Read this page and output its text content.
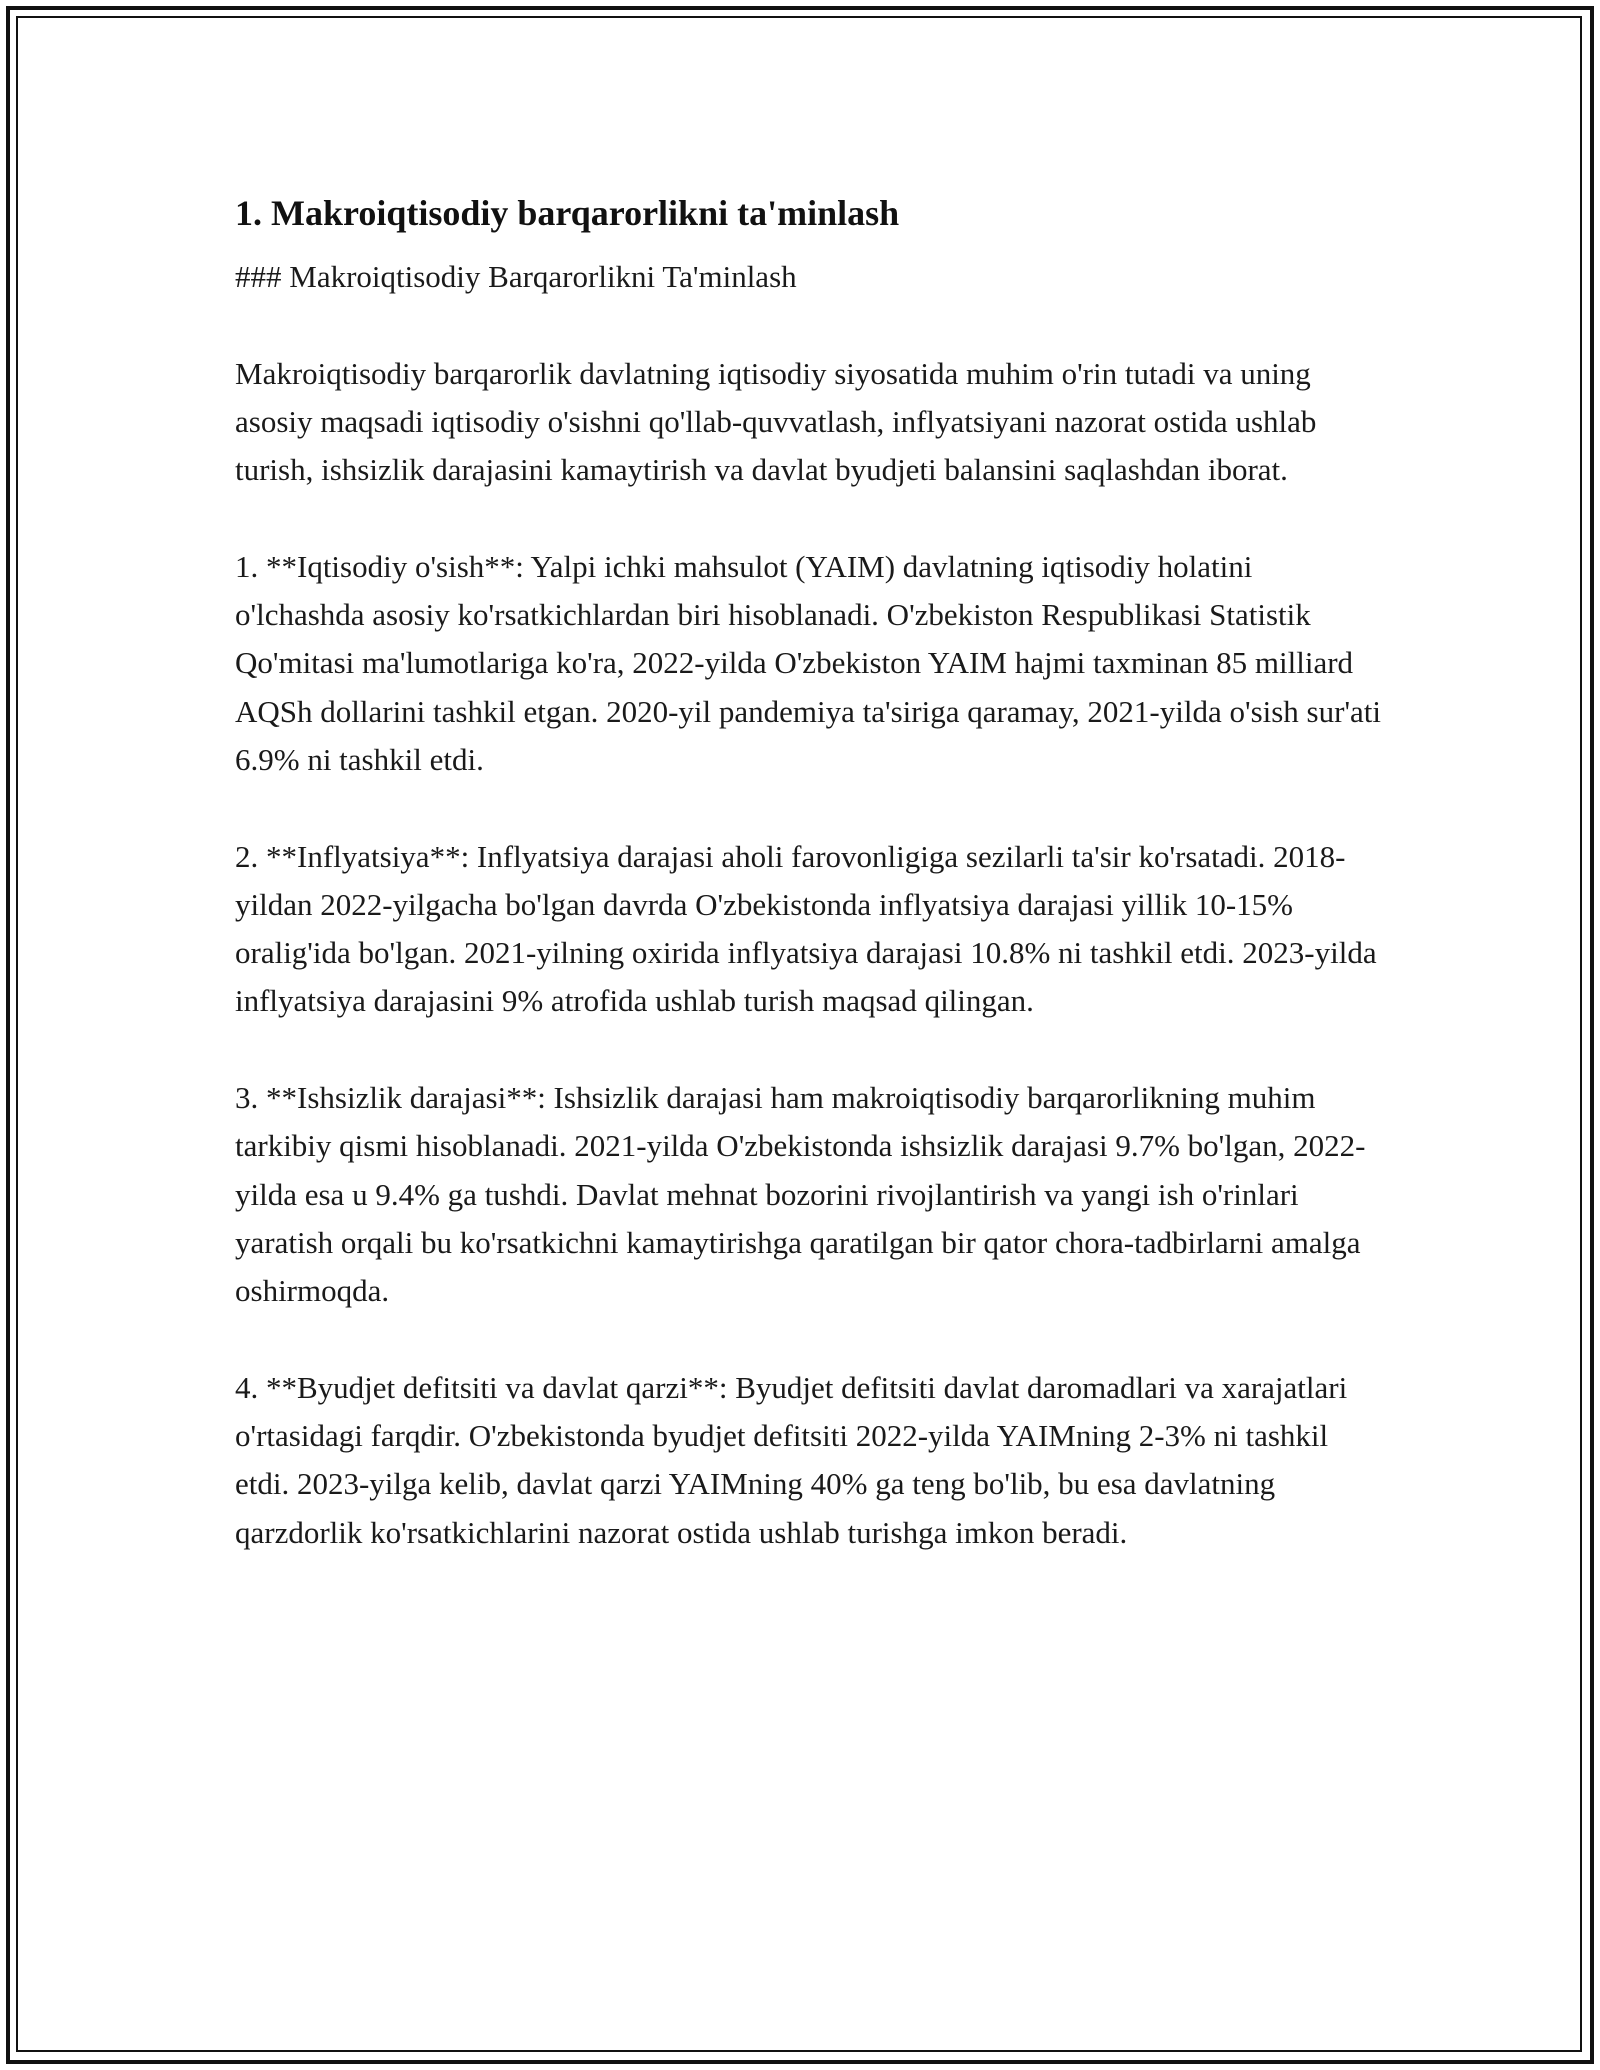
1. Makroiqtisodiy barqarorlikni ta'minlash

### Makroiqtisodiy Barqarorlikni Ta'minlash

Makroiqtisodiy barqarorlik davlatning iqtisodiy siyosatida muhim o'rin tutadi va uning asosiy maqsadi iqtisodiy o'sishni qo'llab-quvvatlash, inflyatsiyani nazorat ostida ushlab turish, ishsizlik darajasini kamaytirish va davlat byudjeti balansini saqlashdan iborat.

1. **Iqtisodiy o'sish**: Yalpi ichki mahsulot (YAIM) davlatning iqtisodiy holatini o'lchashda asosiy ko'rsatkichlardan biri hisoblanadi. O'zbekiston Respublikasi Statistik Qo'mitasi ma'lumotlariga ko'ra, 2022-yilda O'zbekiston YAIM hajmi taxminan 85 milliard AQSh dollarini tashkil etgan. 2020-yil pandemiya ta'siriga qaramay, 2021-yilda o'sish sur'ati 6.9% ni tashkil etdi.

2. **Inflyatsiya**: Inflyatsiya darajasi aholi farovonligiga sezilarli ta'sir ko'rsatadi. 2018-yildan 2022-yilgacha bo'lgan davrda O'zbekistonda inflyatsiya darajasi yillik 10-15% oralig'ida bo'lgan. 2021-yilning oxirida inflyatsiya darajasi 10.8% ni tashkil etdi. 2023-yilda inflyatsiya darajasini 9% atrofida ushlab turish maqsad qilingan.

3. **Ishsizlik darajasi**: Ishsizlik darajasi ham makroiqtisodiy barqarorlikning muhim tarkibiy qismi hisoblanadi. 2021-yilda O'zbekistonda ishsizlik darajasi 9.7% bo'lgan, 2022-yilda esa u 9.4% ga tushdi. Davlat mehnat bozorini rivojlantirish va yangi ish o'rinlari yaratish orqali bu ko'rsatkichni kamaytirishga qaratilgan bir qator chora-tadbirlarni amalga oshirmoqda.

4. **Byudjet defitsiti va davlat qarzi**: Byudjet defitsiti davlat daromadlari va xarajatlari o'rtasidagi farqdir. O'zbekistonda byudjet defitsiti 2022-yilda YAIMning 2-3% ni tashkil etdi. 2023-yilga kelib, davlat qarzi YAIMning 40% ga teng bo'lib, bu esa davlatning qarzdorlik ko'rsatkichlarini nazorat ostida ushlab turishga imkon beradi.
